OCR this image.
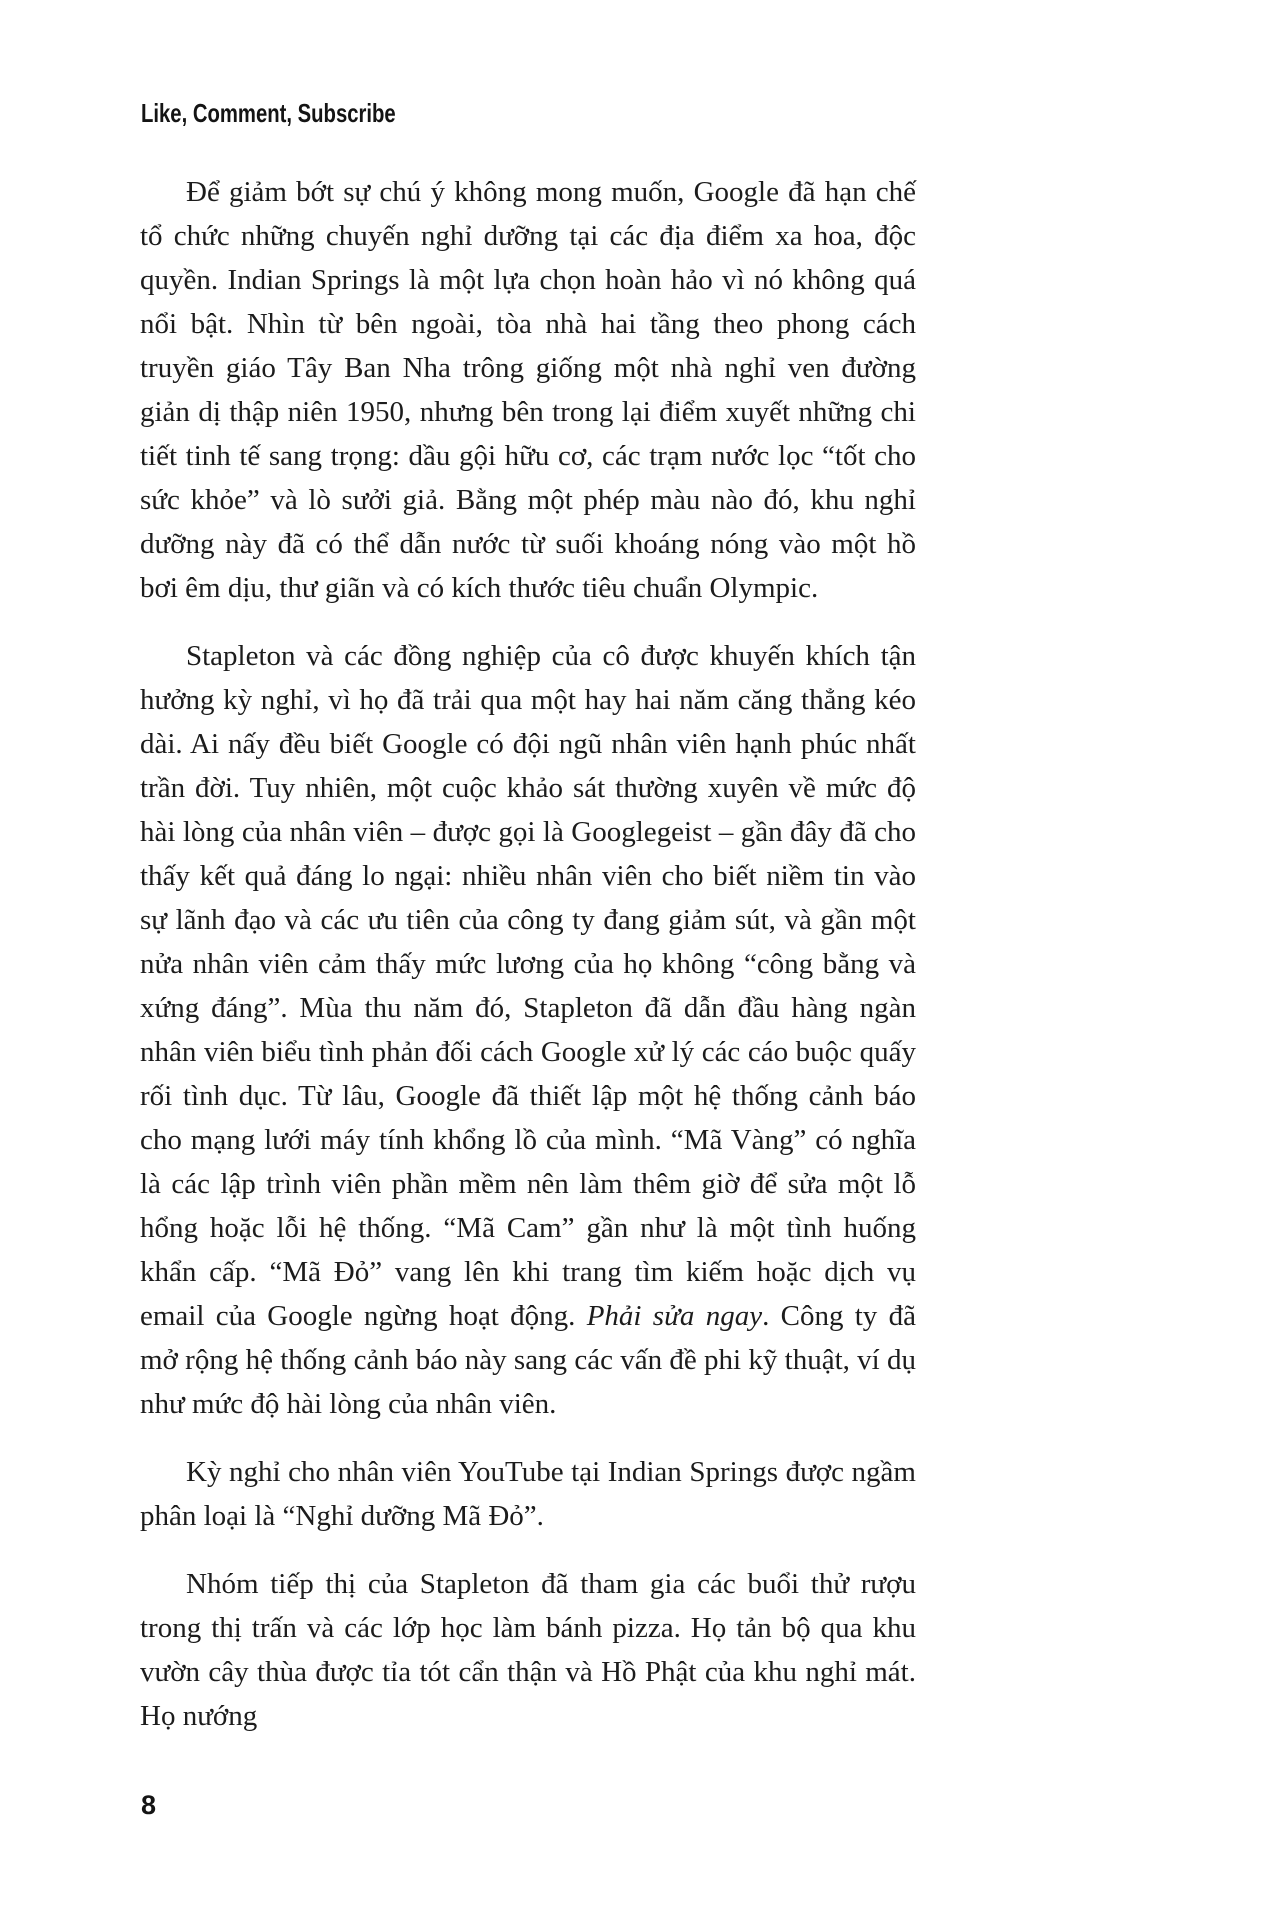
Like, Comment, Subscribe

Để giảm bớt sự chú ý không mong muốn, Google đã hạn chế tổ chức những chuyến nghỉ dưỡng tại các địa điểm xa hoa, độc quyền. Indian Springs là một lựa chọn hoàn hảo vì nó không quá nổi bật. Nhìn từ bên ngoài, tòa nhà hai tầng theo phong cách truyền giáo Tây Ban Nha trông giống một nhà nghỉ ven đường giản dị thập niên 1950, nhưng bên trong lại điểm xuyết những chi tiết tinh tế sang trọng: dầu gội hữu cơ, các trạm nước lọc “tốt cho sức khỏe” và lò sưởi giả. Bằng một phép màu nào đó, khu nghỉ dưỡng này đã có thể dẫn nước từ suối khoáng nóng vào một hồ bơi êm dịu, thư giãn và có kích thước tiêu chuẩn Olympic.

Stapleton và các đồng nghiệp của cô được khuyến khích tận hưởng kỳ nghỉ, vì họ đã trải qua một hay hai năm căng thẳng kéo dài. Ai nấy đều biết Google có đội ngũ nhân viên hạnh phúc nhất trần đời. Tuy nhiên, một cuộc khảo sát thường xuyên về mức độ hài lòng của nhân viên – được gọi là Googlegeist – gần đây đã cho thấy kết quả đáng lo ngại: nhiều nhân viên cho biết niềm tin vào sự lãnh đạo và các ưu tiên của công ty đang giảm sút, và gần một nửa nhân viên cảm thấy mức lương của họ không “công bằng và xứng đáng”. Mùa thu năm đó, Stapleton đã dẫn đầu hàng ngàn nhân viên biểu tình phản đối cách Google xử lý các cáo buộc quấy rối tình dục. Từ lâu, Google đã thiết lập một hệ thống cảnh báo cho mạng lưới máy tính khổng lồ của mình. “Mã Vàng” có nghĩa là các lập trình viên phần mềm nên làm thêm giờ để sửa một lỗ hổng hoặc lỗi hệ thống. “Mã Cam” gần như là một tình huống khẩn cấp. “Mã Đỏ” vang lên khi trang tìm kiếm hoặc dịch vụ email của Google ngừng hoạt động. Phải sửa ngay. Công ty đã mở rộng hệ thống cảnh báo này sang các vấn đề phi kỹ thuật, ví dụ như mức độ hài lòng của nhân viên.

Kỳ nghỉ cho nhân viên YouTube tại Indian Springs được ngầm phân loại là “Nghỉ dưỡng Mã Đỏ”.

Nhóm tiếp thị của Stapleton đã tham gia các buổi thử rượu trong thị trấn và các lớp học làm bánh pizza. Họ tản bộ qua khu vườn cây thùa được tỉa tót cẩn thận và Hồ Phật của khu nghỉ mát. Họ nướng

8
